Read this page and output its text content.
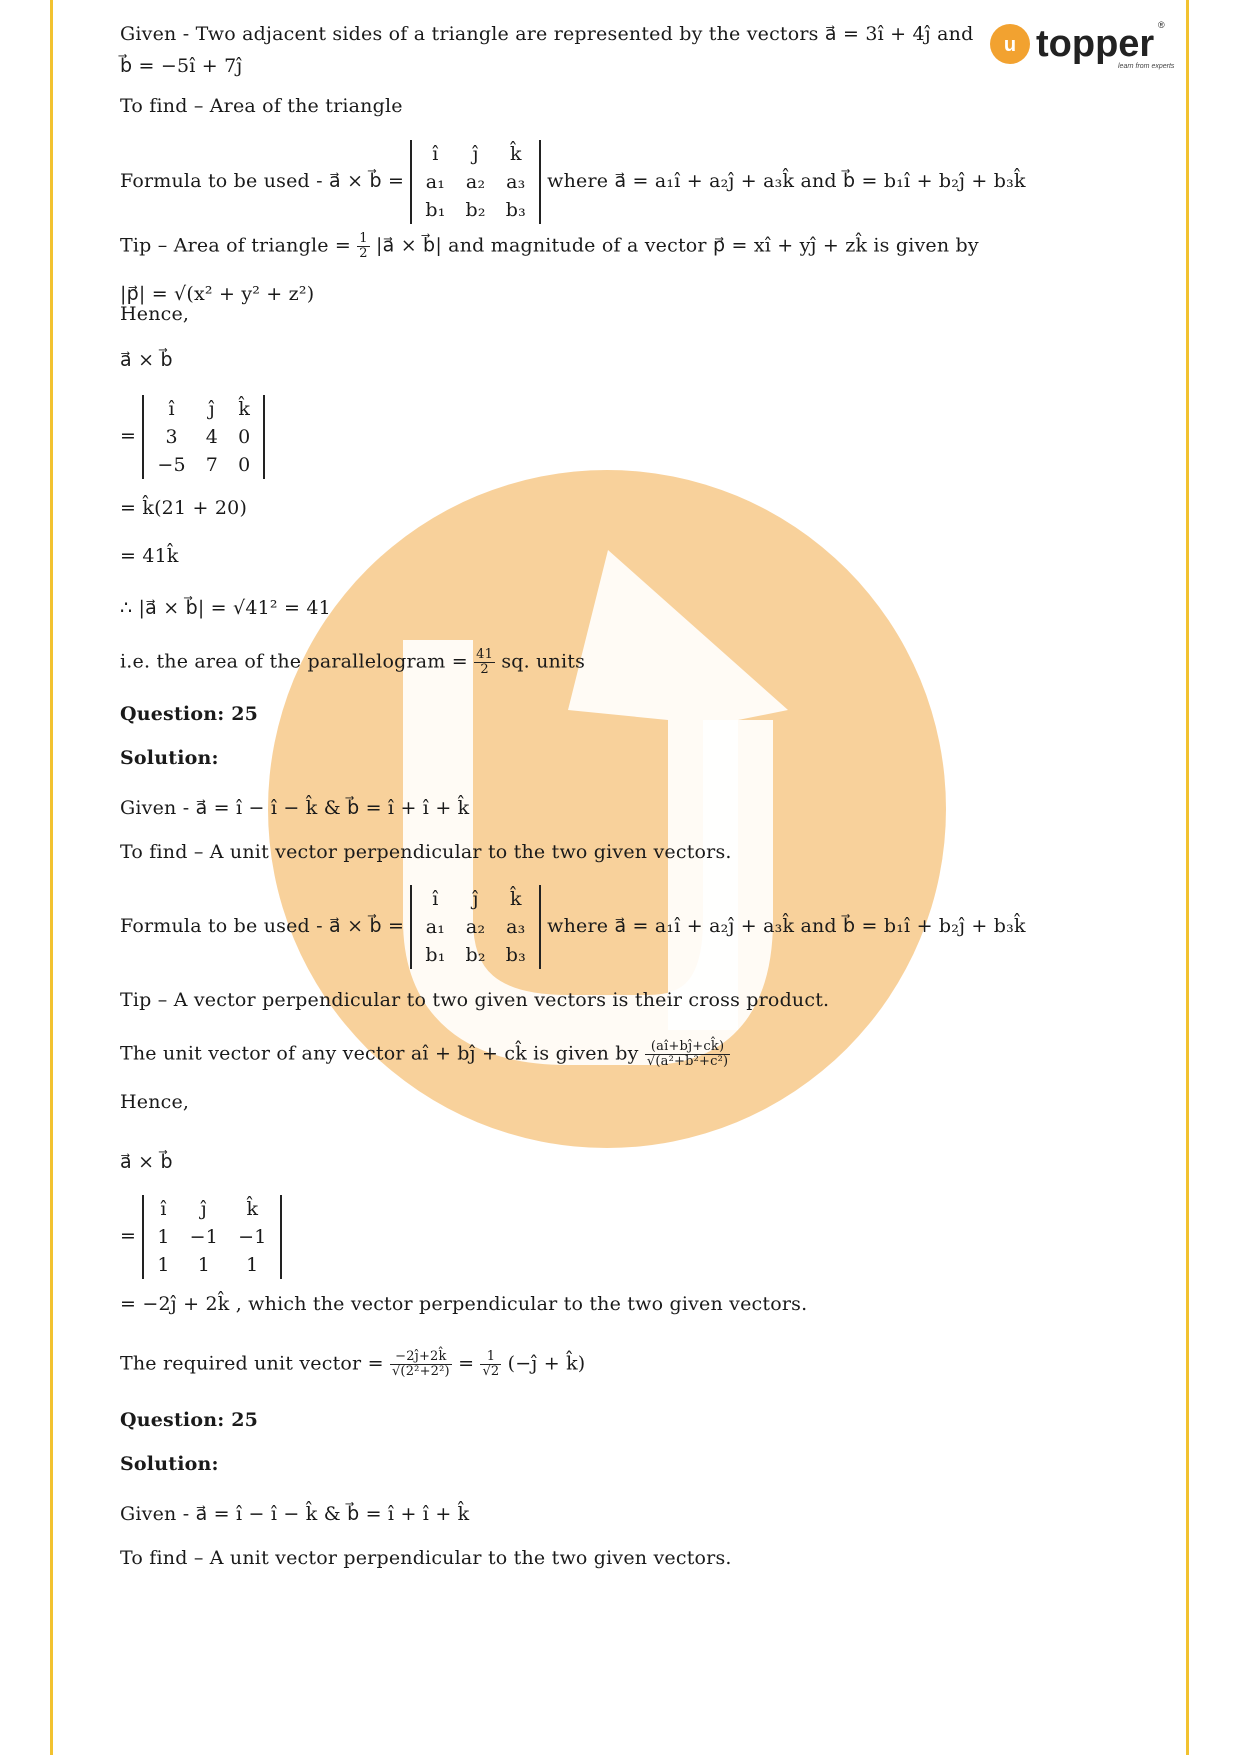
u topper ®
learn from experts
Given - Two adjacent sides of a triangle are represented by the vectors a⃗ = 3î + 4ĵ and
b⃗ = −5î + 7ĵ
To find – Area of the triangle
Formula to be used - a⃗ × b⃗ =
î	ĵ	k̂
a₁	a₂	a₃
b₁	b₂	b₃
where a⃗ = a₁î + a₂ĵ + a₃k̂ and b⃗ = b₁î + b₂ĵ + b₃k̂
Tip – Area of triangle = $\frac{1}{2}$ |a⃗ × b⃗| and magnitude of a vector p⃗ = xî + yĵ + zk̂ is given by
|p⃗| = √(x² + y² + z²)
Hence,
a⃗ × b⃗
=
î	ĵ	k̂
3	4	0
−5	7	0
= k̂(21 + 20)
= 41k̂
∴ |a⃗ × b⃗| = √41² = 41
i.e. the area of the parallelogram = $\frac{41}{2}$ sq. units
Question: 25
Solution:
Given - a⃗ = î − î − k̂ & b⃗ = î + î + k̂
To find – A unit vector perpendicular to the two given vectors.
Formula to be used - a⃗ × b⃗ =
î	ĵ	k̂
a₁	a₂	a₃
b₁	b₂	b₃
where a⃗ = a₁î + a₂ĵ + a₃k̂ and b⃗ = b₁î + b₂ĵ + b₃k̂
Tip – A vector perpendicular to two given vectors is their cross product.
The unit vector of any vector aî + bĵ + ck̂ is given by $\frac{(aî+bĵ+ck̂)}{\text{√(a²+b²+c²)}}$
Hence,
a⃗ × b⃗
=
î	ĵ	k̂
1	−1	−1
1	1	1
= −2ĵ + 2k̂ , which the vector perpendicular to the two given vectors.
The required unit vector = $\frac{-2ĵ+2k̂}{\text{√(2²+2²)}} = \frac{1}{√2}$ (−ĵ + k̂)
Question: 25
Solution:
Given - a⃗ = î − î − k̂ & b⃗ = î + î + k̂
To find – A unit vector perpendicular to the two given vectors.
